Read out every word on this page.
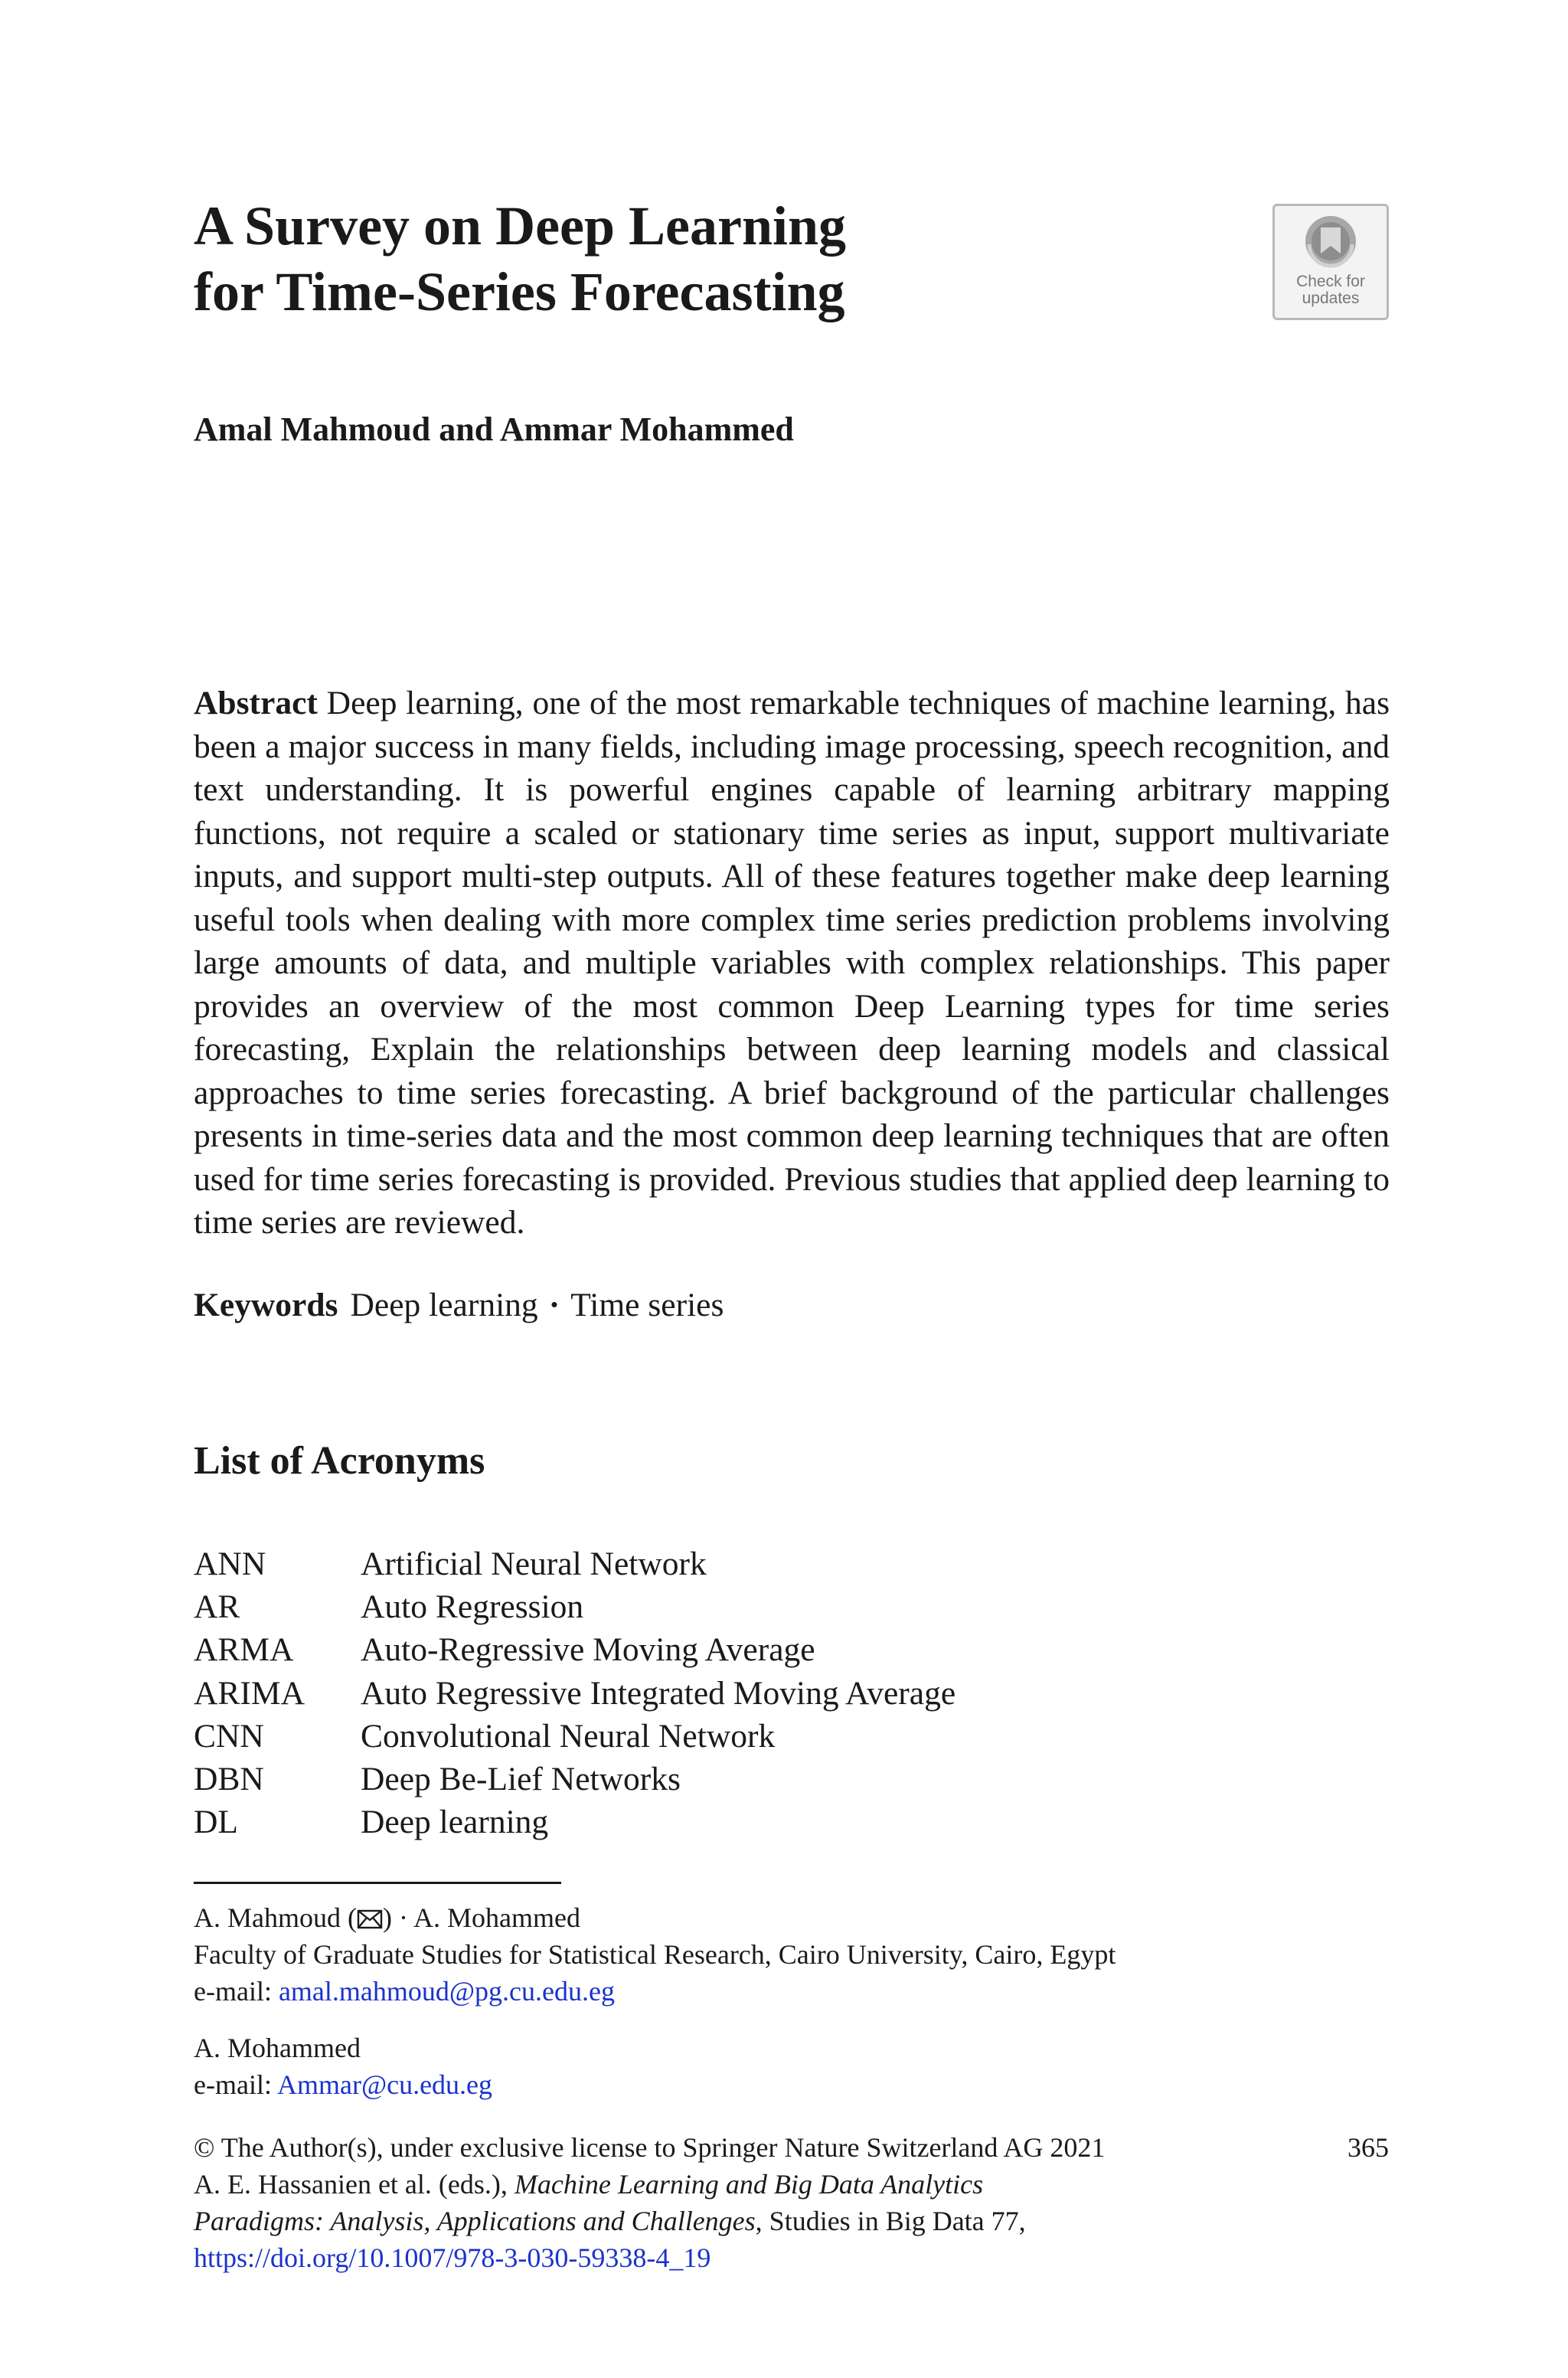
A Survey on Deep Learning
for Time-Series Forecasting	Check for
updates
Amal Mahmoud and Ammar Mohammed

Abstract Deep learning, one of the most remarkable techniques of machine learning, has been a major success in many fields, including image processing, speech recognition, and text understanding. It is powerful engines capable of learning arbitrary mapping functions, not require a scaled or stationary time series as input, support multivariate inputs, and support multi-step outputs. All of these features together make deep learning useful tools when dealing with more complex time series prediction problems involving large amounts of data, and multiple variables with complex relationships. This paper provides an overview of the most common Deep Learning types for time series forecasting, Explain the relationships between deep learning models and classical approaches to time series forecasting. A brief background of the particular challenges presents in time-series data and the most common deep learning techniques that are often used for time series forecasting is provided. Previous studies that applied deep learning to time series are reviewed.

Keywords Deep learning · Time series
List of Acronyms
ANN	Artificial Neural Network
AR	Auto Regression
ARMA	Auto-Regressive Moving Average
ARIMA	Auto Regressive Integrated Moving Average
CNN	Convolutional Neural Network
DBN	Deep Be-Lief Networks
DL	Deep learning
A. Mahmoud ( ) · A. Mohammed
Faculty of Graduate Studies for Statistical Research, Cairo University, Cairo, Egypt
e-mail: amal.mahmoud@pg.cu.edu.eg
A. Mohammed
e-mail: Ammar@cu.edu.eg
© The Author(s), under exclusive license to Springer Nature Switzerland AG 2021
A. E. Hassanien et al. (eds.), Machine Learning and Big Data Analytics
Paradigms: Analysis, Applications and Challenges, Studies in Big Data 77,
https://doi.org/10.1007/978-3-030-59338-4_19
365
